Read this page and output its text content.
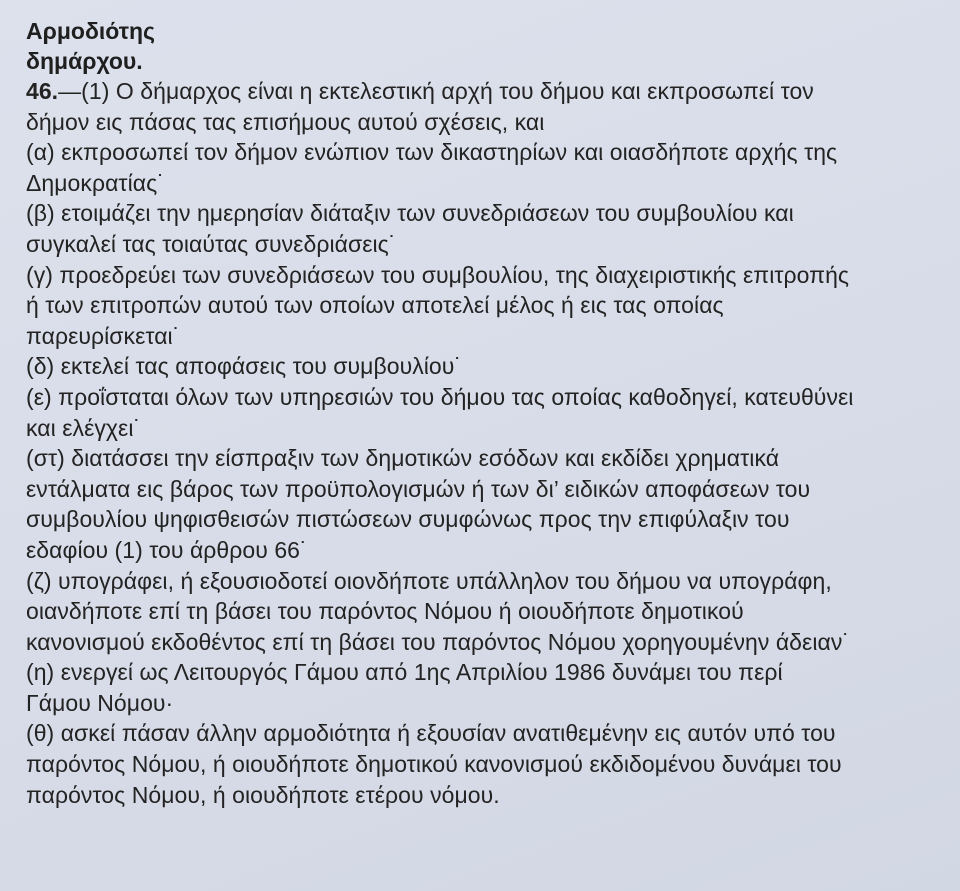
Αρμοδιότης

δημάρχου.

46.—(1) Ο δήμαρχος είναι η εκτελεστική αρχή του δήμου και εκπροσωπεί τον
δήμον εις πάσας τας επισήμους αυτού σχέσεις, και
(α) εκπροσωπεί τον δήμον ενώπιον των δικαστηρίων και οιασδήποτε αρχής της
Δημοκρατίας˙
(β) ετοιμάζει την ημερησίαν διάταξιν των συνεδριάσεων του συμβουλίου και
συγκαλεί τας τοιαύτας συνεδριάσεις˙
(γ) προεδρεύει των συνεδριάσεων του συμβουλίου, της διαχειριστικής επιτροπής
ή των επιτροπών αυτού των οποίων αποτελεί μέλος ή εις τας οποίας
παρευρίσκεται˙
(δ) εκτελεί τας αποφάσεις του συμβουλίου˙
(ε) προΐσταται όλων των υπηρεσιών του δήμου τας οποίας καθοδηγεί, κατευθύνει
και ελέγχει˙
(στ) διατάσσει την είσπραξιν των δημοτικών εσόδων και εκδίδει χρηματικά
εντάλματα εις βάρος των προϋπολογισμών ή των δι’ ειδικών αποφάσεων του
συμβουλίου ψηφισθεισών πιστώσεων συμφώνως προς την επιφύλαξιν του
εδαφίου (1) του άρθρου 66˙
(ζ) υπογράφει, ή εξουσιοδοτεί οιονδήποτε υπάλληλον του δήμου να υπογράφη,
οιανδήποτε επί τη βάσει του παρόντος Νόμου ή οιουδήποτε δημοτικού
κανονισμού εκδοθέντος επί τη βάσει του παρόντος Νόμου χορηγουμένην άδειαν˙
(η) ενεργεί ως Λειτουργός Γάμου από 1ης Απριλίου 1986 δυνάμει του περί
Γάμου Νόμου·
(θ) ασκεί πάσαν άλλην αρμοδιότητα ή εξουσίαν ανατιθεμένην εις αυτόν υπό του
παρόντος Νόμου, ή οιουδήποτε δημοτικού κανονισμού εκδιδομένου δυνάμει του
παρόντος Νόμου, ή οιουδήποτε ετέρου νόμου.
